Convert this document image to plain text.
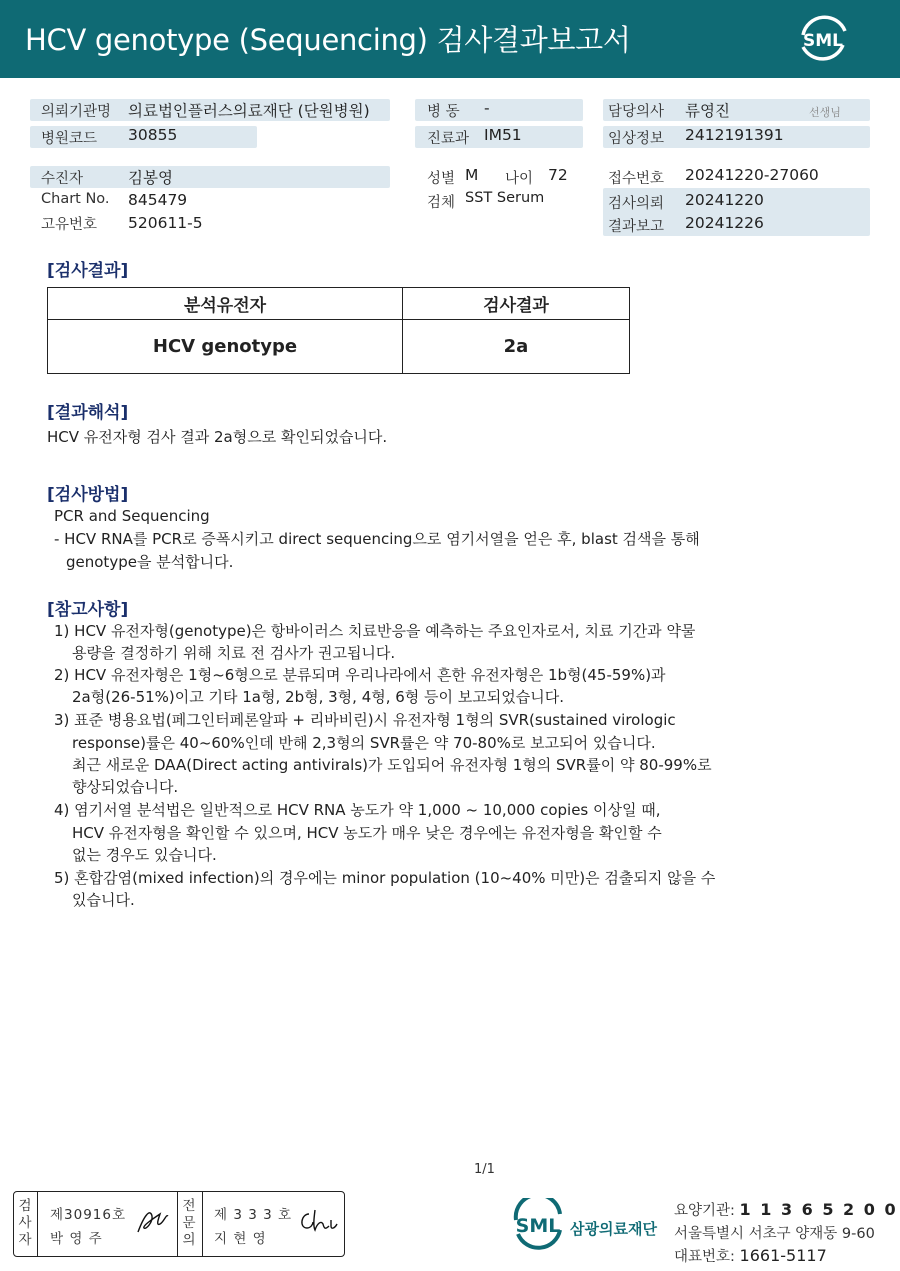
HCV genotype (Sequencing) 검사결과보고서	SML
의뢰기관명 의료법인플러스의료재단 (단원병원)
병원코드 30855
병 동 -
진료과 IM51
담당의사 류영진	선생님
임상정보 2412191391
수진자	김봉영
Chart No. 845479
고유번호 520611-5
성별 M 나이 72
검체 SST Serum
접수번호 20241220-27060
검사의뢰 20241220
결과보고 20241226
[검사결과]
분석유전자	검사결과
HCV genotype	2a
[결과해석]
HCV 유전자형 검사 결과 2a형으로 확인되었습니다.
[검사방법]
PCR and Sequencing
- HCV RNA를 PCR로 증폭시키고 direct sequencing으로 염기서열을 얻은 후, blast 검색을 통해
genotype을 분석합니다.
[참고사항]
1) HCV 유전자형(genotype)은 항바이러스 치료반응을 예측하는 주요인자로서, 치료 기간과 약물
용량을 결정하기 위해 치료 전 검사가 권고됩니다.
2) HCV 유전자형은 1형~6형으로 분류되며 우리나라에서 흔한 유전자형은 1b형(45-59%)과
2a형(26-51%)이고 기타 1a형, 2b형, 3형, 4형, 6형 등이 보고되었습니다.
3) 표준 병용요법(페그인터페론알파 + 리바비린)시 유전자형 1형의 SVR(sustained virologic
response)률은 40~60%인데 반해 2,3형의 SVR률은 약 70-80%로 보고되어 있습니다.
최근 새로운 DAA(Direct acting antivirals)가 도입되어 유전자형 1형의 SVR률이 약 80-99%로
향상되었습니다.
4) 염기서열 분석법은 일반적으로 HCV RNA 농도가 약 1,000 ~ 10,000 copies 이상일 때,
HCV 유전자형을 확인할 수 있으며, HCV 농도가 매우 낮은 경우에는 유전자형을 확인할 수
없는 경우도 있습니다.
5) 혼합감염(mixed infection)의 경우에는 minor population (10~40% 미만)은 검출되지 않을 수
있습니다.
1/1
검사자
제30916호
박 영 주
전문의
제 3 3 3 호
지 현 영
SML 삼광의료재단
요양기관: 1 1 3 6 5 2 0 0
서울특별시 서초구 양재동 9-60
대표번호: 1661-5117
